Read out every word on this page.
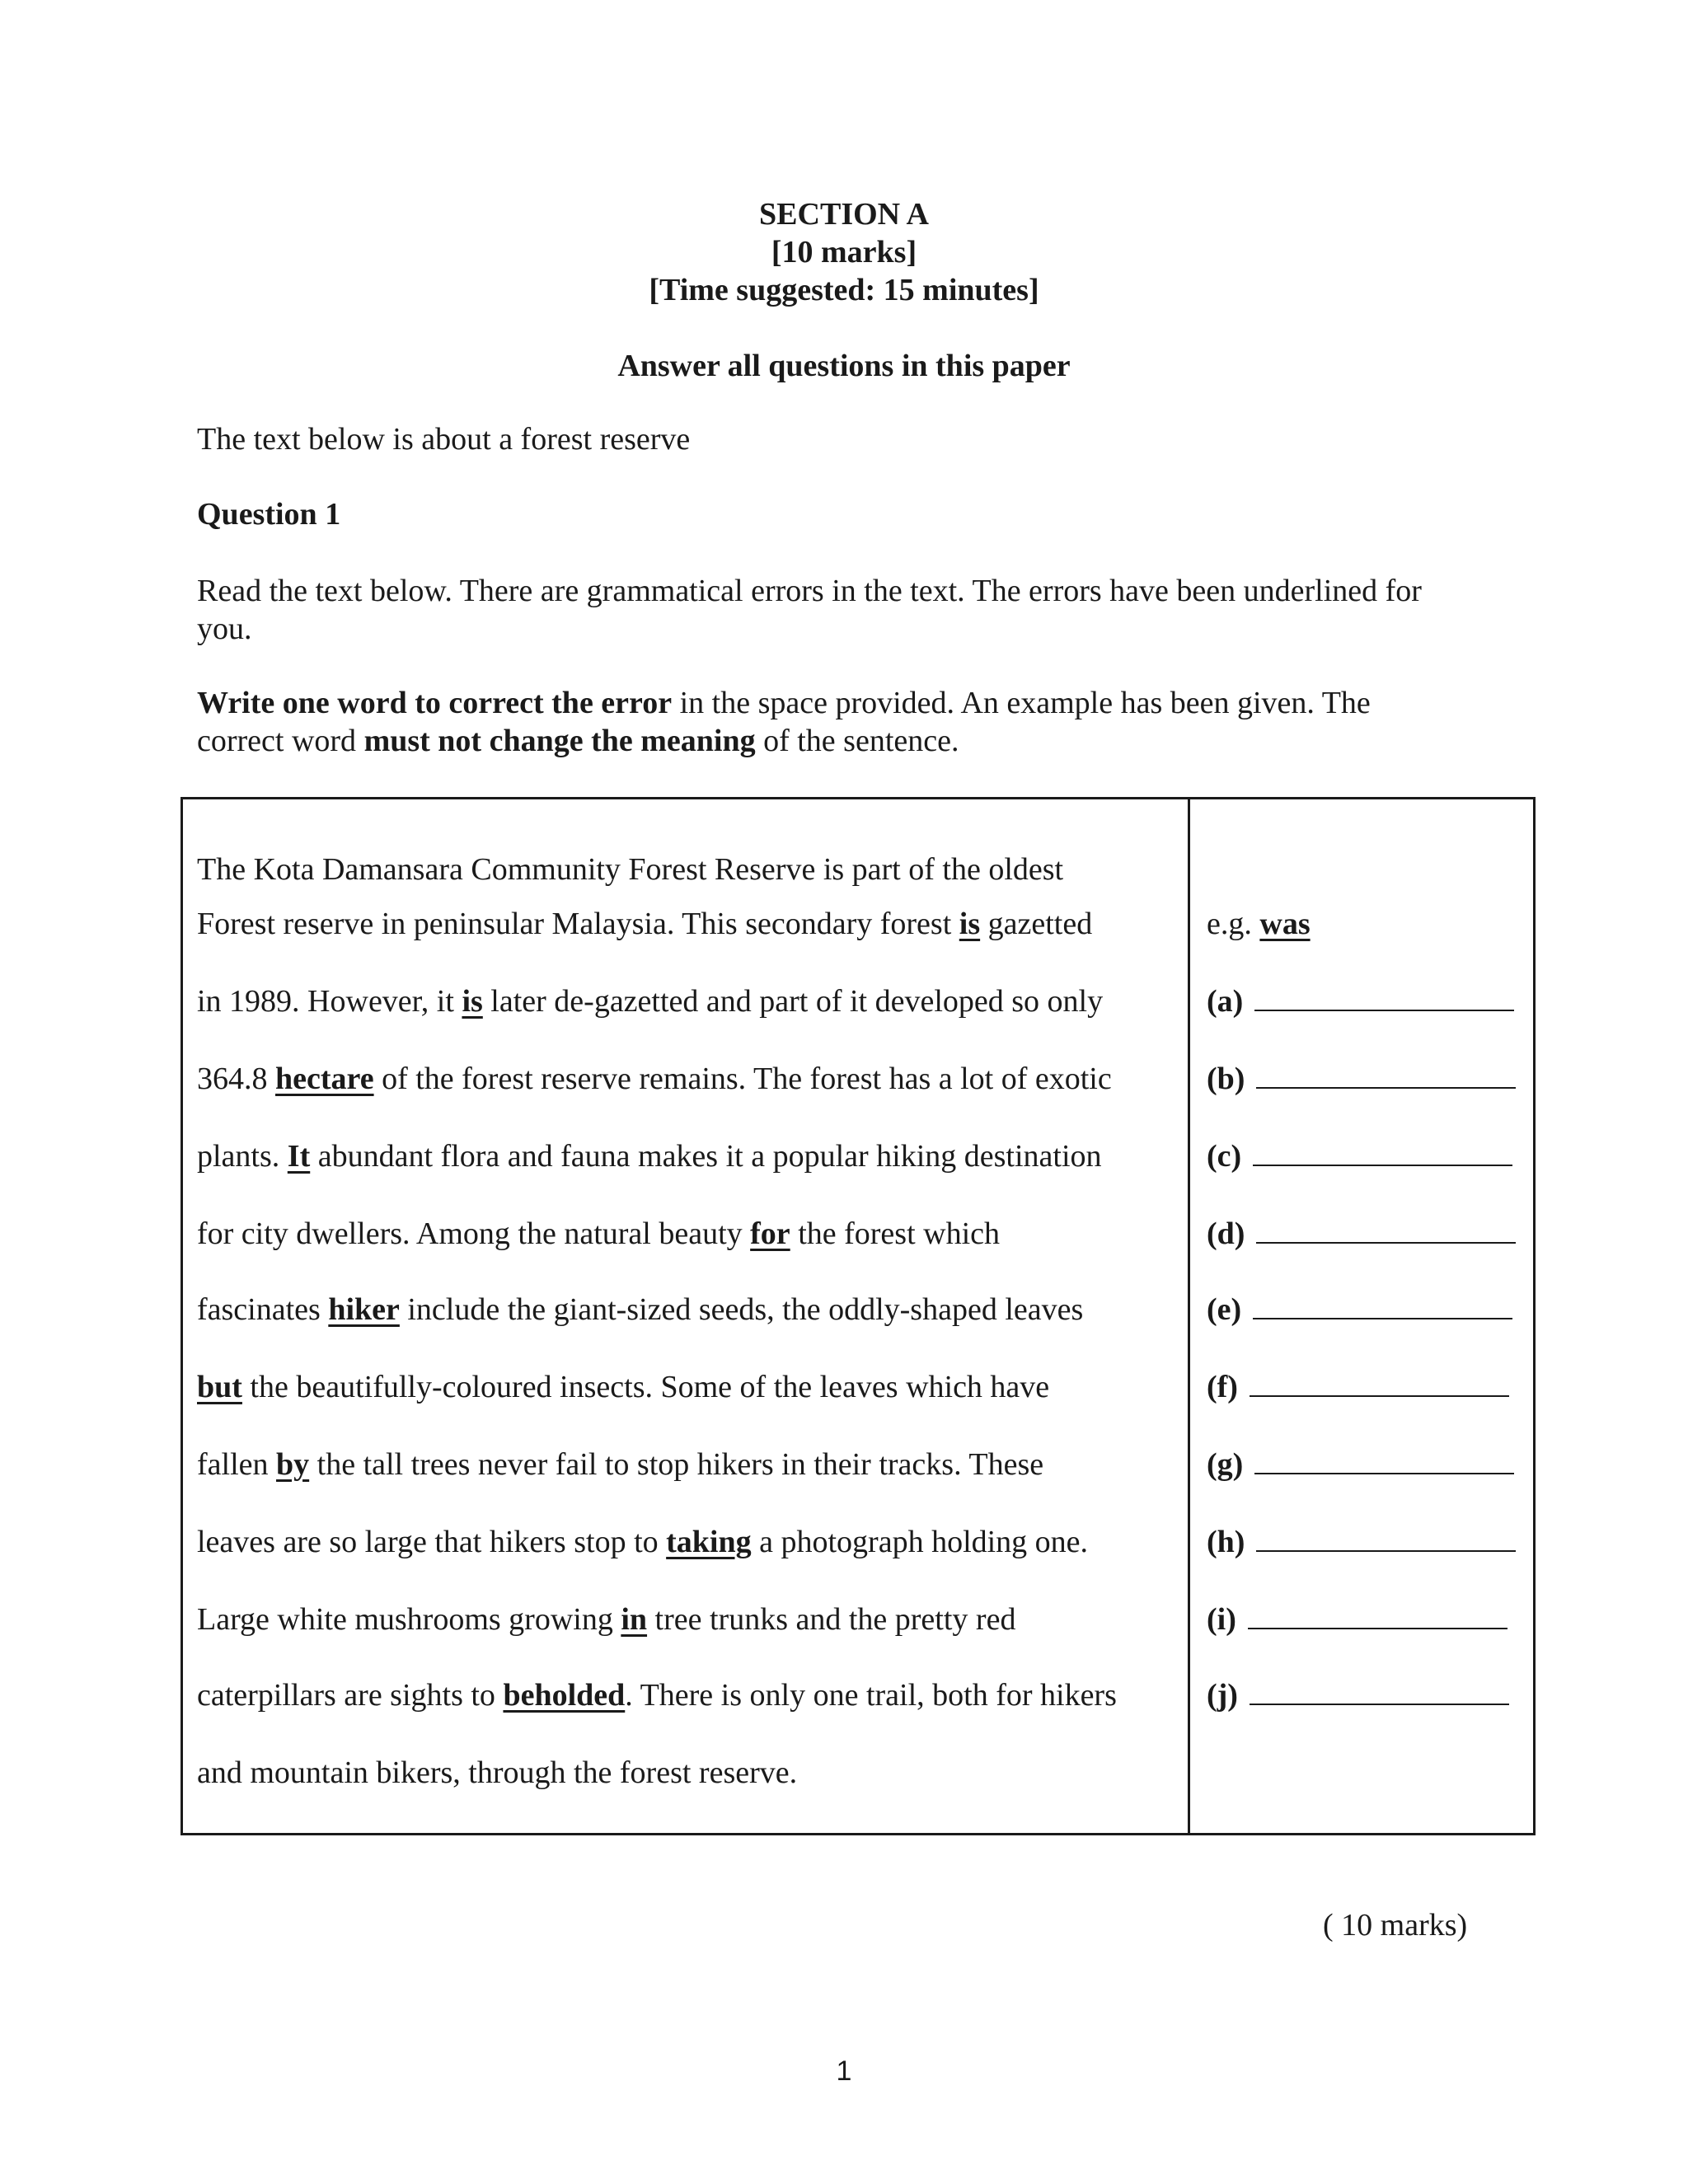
SECTION A
[10 marks]
[Time suggested: 15 minutes]
Answer all questions in this paper
The text below is about a forest reserve
Question 1
Read the text below. There are grammatical errors in the text. The errors have been underlined for you.
Write one word to correct the error in the space provided. An example has been given. The correct word must not change the meaning of the sentence.
The Kota Damansara Community Forest Reserve is part of the oldest
Forest reserve in peninsular Malaysia. This secondary forest is gazetted
in 1989. However, it is later de-gazetted and part of it developed so only
364.8 hectare of the forest reserve remains. The forest has a lot of exotic
plants. It abundant flora and fauna makes it a popular hiking destination
for city dwellers. Among the natural beauty for the forest which
fascinates hiker include the giant-sized seeds, the oddly-shaped leaves
but the beautifully-coloured insects. Some of the leaves which have
fallen by the tall trees never fail to stop hikers in their tracks. These
leaves are so large that hikers stop to taking a photograph holding one.
Large white mushrooms growing in tree trunks and the pretty red
caterpillars are sights to beholded. There is only one trail, both for hikers
and mountain bikers, through the forest reserve.
e.g. was
(a)
(b)
(c)
(d)
(e)
(f)
(g)
(h)
(i)
(j)
( 10 marks)
1
